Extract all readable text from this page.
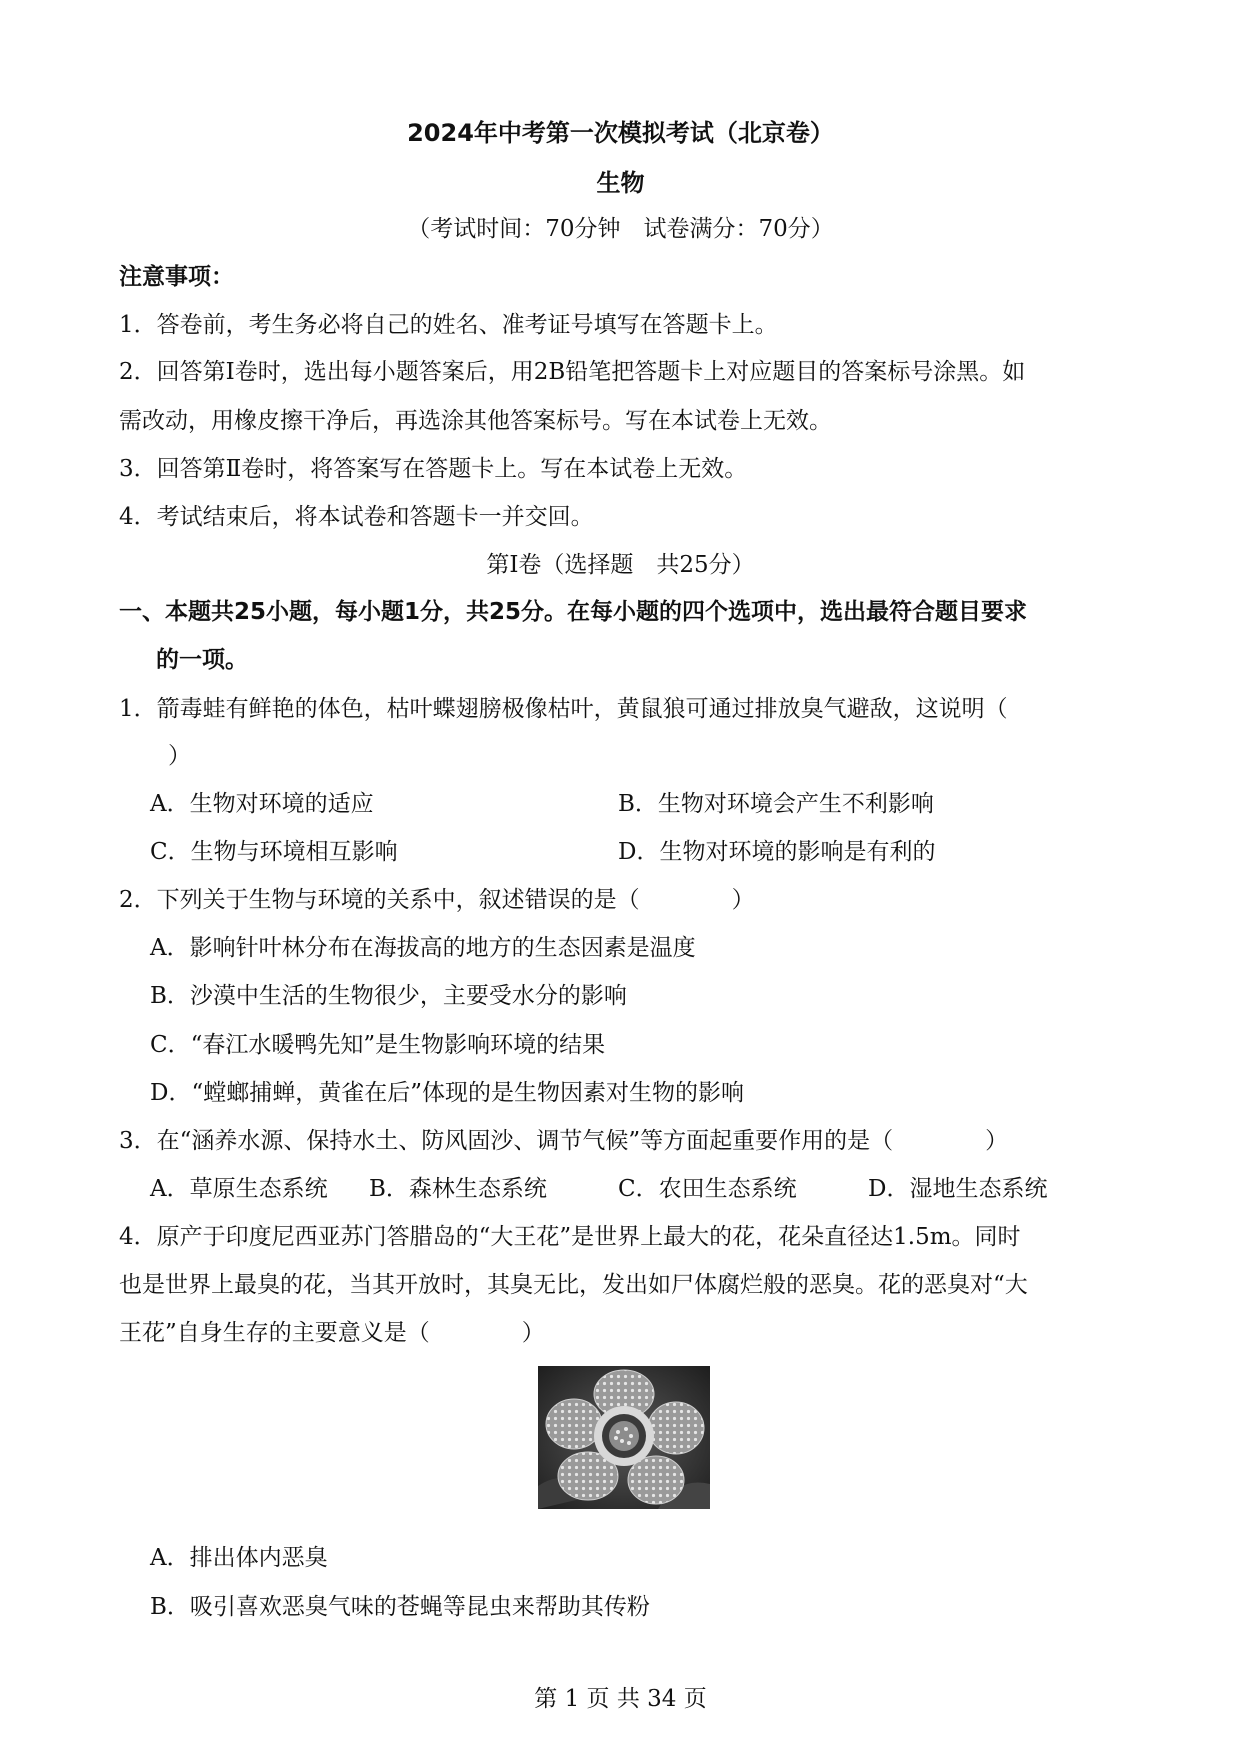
2024年中考第一次模拟考试（北京卷）
生物
（考试时间：70分钟　试卷满分：70分）
注意事项：
1．答卷前，考生务必将自己的姓名、准考证号填写在答题卡上。
2．回答第Ⅰ卷时，选出每小题答案后，用2B铅笔把答题卡上对应题目的答案标号涂黑。如
需改动，用橡皮擦干净后，再选涂其他答案标号。写在本试卷上无效。
3．回答第Ⅱ卷时，将答案写在答题卡上。写在本试卷上无效。
4．考试结束后，将本试卷和答题卡一并交回。
第Ⅰ卷（选择题　共25分）
一、本题共25小题，每小题1分，共25分。在每小题的四个选项中，选出最符合题目要求
的一项。
1．箭毒蛙有鲜艳的体色，枯叶蝶翅膀极像枯叶，黄鼠狼可通过排放臭气避敌，这说明（
）
A．生物对环境的适应	B．生物对环境会产生不利影响
C．生物与环境相互影响	D．生物对环境的影响是有利的
2．下列关于生物与环境的关系中，叙述错误的是（　　　　）
A．影响针叶林分布在海拔高的地方的生态因素是温度
B．沙漠中生活的生物很少，主要受水分的影响
C．“春江水暖鸭先知”是生物影响环境的结果
D．“螳螂捕蝉，黄雀在后”体现的是生物因素对生物的影响
3．在“涵养水源、保持水土、防风固沙、调节气候”等方面起重要作用的是（　　　　）
A．草原生态系统 B．森林生态系统	C．农田生态系统	D．湿地生态系统
4．原产于印度尼西亚苏门答腊岛的“大王花”是世界上最大的花，花朵直径达1.5m。同时
也是世界上最臭的花，当其开放时，其臭无比，发出如尸体腐烂般的恶臭。花的恶臭对“大
王花”自身生存的主要意义是（　　　　）
A．排出体内恶臭
B．吸引喜欢恶臭气味的苍蝇等昆虫来帮助其传粉
第 1 页 共 34 页
